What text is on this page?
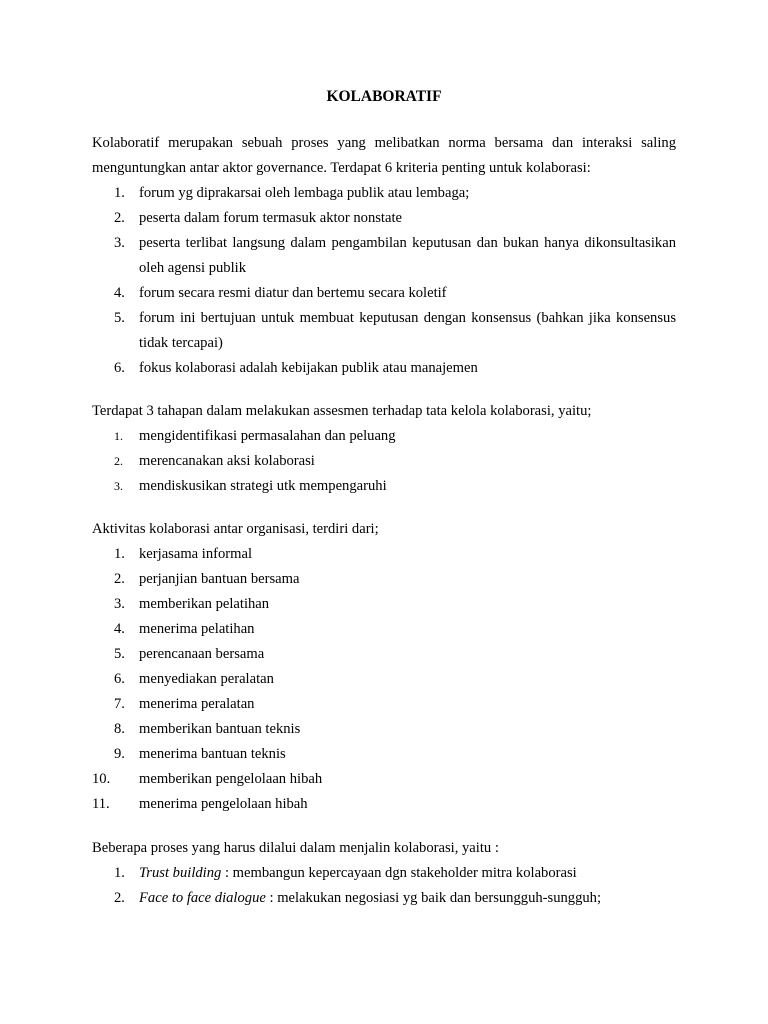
KOLABORATIF

Kolaboratif merupakan sebuah proses yang melibatkan norma bersama dan interaksi saling menguntungkan antar aktor governance. Terdapat 6 kriteria penting untuk kolaborasi:

1. forum yg diprakarsai oleh lembaga publik atau lembaga;
2. peserta dalam forum termasuk aktor nonstate
3. peserta terlibat langsung dalam pengambilan keputusan dan bukan hanya dikonsultasikan oleh agensi publik
4. forum secara resmi diatur dan bertemu secara koletif
5. forum ini bertujuan untuk membuat keputusan dengan konsensus (bahkan jika konsensus tidak tercapai)
6. fokus kolaborasi adalah kebijakan publik atau manajemen

Terdapat 3 tahapan dalam melakukan assesmen terhadap tata kelola kolaborasi, yaitu;

1. mengidentifikasi permasalahan dan peluang
2. merencanakan aksi kolaborasi
3. mendiskusikan strategi utk mempengaruhi

Aktivitas kolaborasi antar organisasi, terdiri dari;

1. kerjasama informal
2. perjanjian bantuan bersama
3. memberikan pelatihan
4. menerima pelatihan
5. perencanaan bersama
6. menyediakan peralatan
7. menerima peralatan
8. memberikan bantuan teknis
9. menerima bantuan teknis
10. memberikan pengelolaan hibah
11. menerima pengelolaan hibah

Beberapa proses yang harus dilalui dalam menjalin kolaborasi, yaitu :

1. Trust building : membangun kepercayaan dgn stakeholder mitra kolaborasi
2. Face to face dialogue : melakukan negosiasi yg baik dan bersungguh-sungguh;
